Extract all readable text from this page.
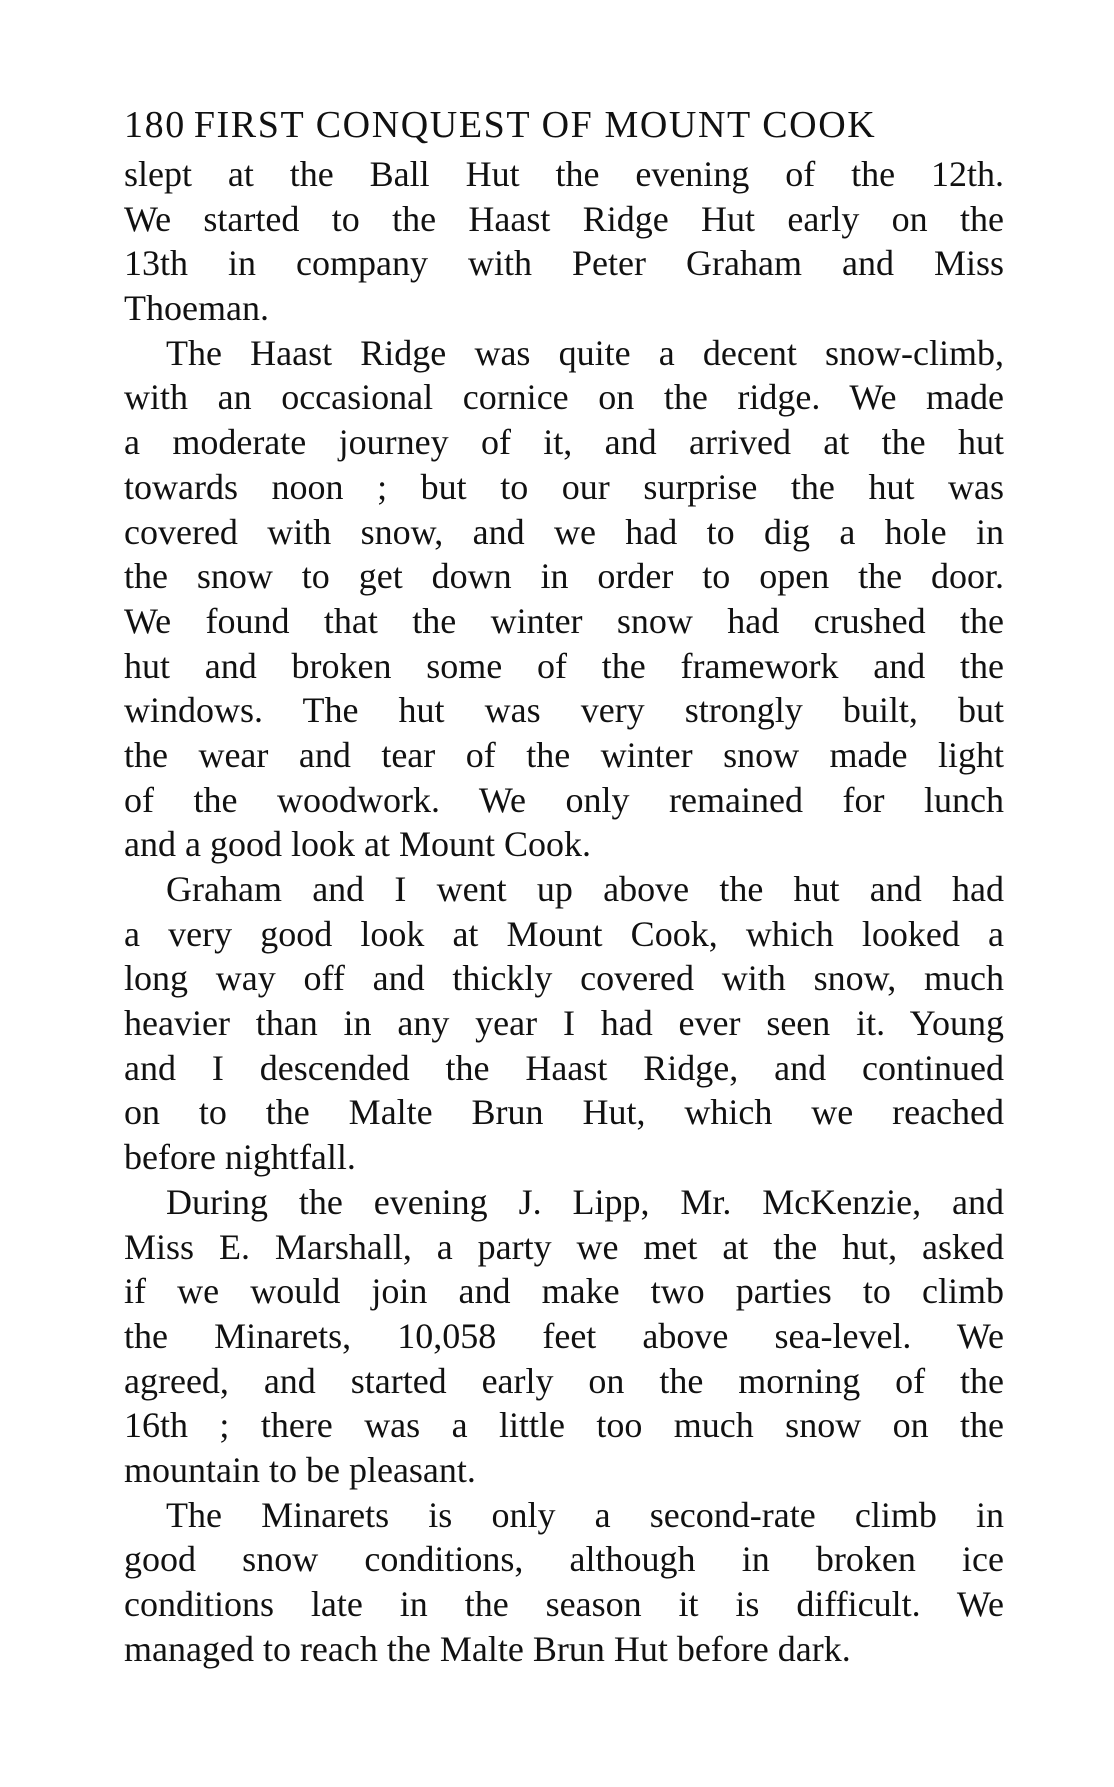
180 FIRST CONQUEST OF MOUNT COOK
slept at the Ball Hut the evening of the 12th.
We started to the Haast Ridge Hut early on the
13th in company with Peter Graham and Miss
Thoeman.
The Haast Ridge was quite a decent snow-climb,
with an occasional cornice on the ridge. We made
a moderate journey of it, and arrived at the hut
towards noon ; but to our surprise the hut was
covered with snow, and we had to dig a hole in
the snow to get down in order to open the door.
We found that the winter snow had crushed the
hut and broken some of the framework and the
windows. The hut was very strongly built, but
the wear and tear of the winter snow made light
of the woodwork. We only remained for lunch
and a good look at Mount Cook.
Graham and I went up above the hut and had
a very good look at Mount Cook, which looked a
long way off and thickly covered with snow, much
heavier than in any year I had ever seen it. Young
and I descended the Haast Ridge, and continued
on to the Malte Brun Hut, which we reached
before nightfall.
During the evening J. Lipp, Mr. McKenzie, and
Miss E. Marshall, a party we met at the hut, asked
if we would join and make two parties to climb
the Minarets, 10,058 feet above sea-level. We
agreed, and started early on the morning of the
16th ; there was a little too much snow on the
mountain to be pleasant.
The Minarets is only a second-rate climb in
good snow conditions, although in broken ice
conditions late in the season it is difficult. We
managed to reach the Malte Brun Hut before dark.
